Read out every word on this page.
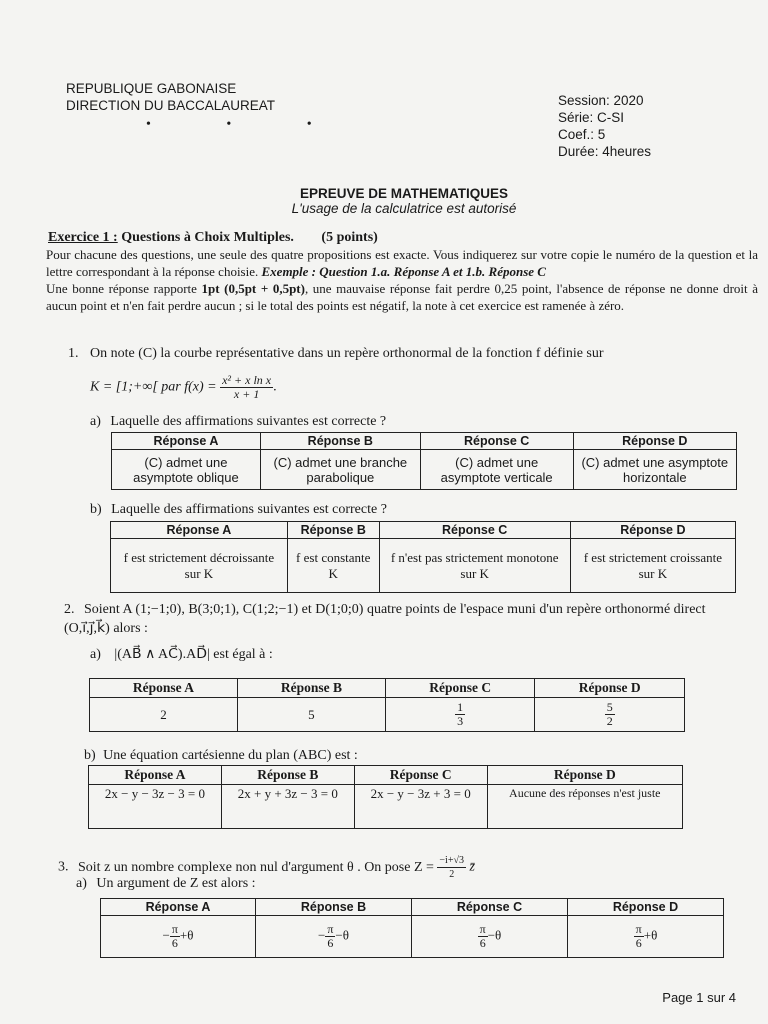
REPUBLIQUE GABONAISE
DIRECTION DU BACCALAUREAT
• • •
Session: 2020
Série: C-SI
Coef.: 5
Durée: 4heures
EPREUVE DE MATHEMATIQUES
L'usage de la calculatrice est autorisé
Exercice 1 : Questions à Choix Multiples. (5 points)
Pour chacune des questions, une seule des quatre propositions est exacte. Vous indiquerez sur votre copie le numéro de la question et la lettre correspondant à la réponse choisie. Exemple : Question 1.a. Réponse A et 1.b. Réponse C
Une bonne réponse rapporte 1pt (0,5pt + 0,5pt), une mauvaise réponse fait perdre 0,25 point, l'absence de réponse ne donne droit à aucun point et n'en fait perdre aucun ; si le total des points est négatif, la note à cet exercice est ramenée à zéro.
1. On note (C) la courbe représentative dans un repère orthonormal de la fonction f définie sur
K = [1;+∞[ par $f(x) = \frac{\text{x² + x ln x}}{x + 1}$ .
a) Laquelle des affirmations suivantes est correcte ?
Réponse A	Réponse B	Réponse C	Réponse D
(C) admet une asymptote oblique	(C) admet une branche parabolique	(C) admet une asymptote verticale	(C) admet une asymptote horizontale
b) Laquelle des affirmations suivantes est correcte ?
Réponse A	Réponse B	Réponse C	Réponse D
f est strictement décroissante sur K	f est constante K	f n'est pas strictement monotone sur K	f est strictement croissante sur K
2. Soient A (1;−1;0), B(3;0;1), C(1;2;−1) et D(1;0;0) quatre points de l'espace muni d'un repère orthonormé direct (O,i⃗,j⃗,k⃗) alors :
a) |(AB⃗ ∧ AC⃗).AD⃗| est égal à :
Réponse A	Réponse B	Réponse C	Réponse D
2	5	$\frac{1}{3}$	$\frac{5}{2}$
b) Une équation cartésienne du plan (ABC) est :
Réponse A	Réponse B	Réponse C	Réponse D
2x − y − 3z − 3 = 0	2x + y + 3z − 3 = 0	2x − y − 3z + 3 = 0	Aucune des réponses n'est juste
3. Soit z un nombre complexe non nul d'argument θ . On pose $Z = \frac{-i+√3}{2}$ z̄
a) Un argument de Z est alors :
Réponse A	Réponse B	Réponse C	Réponse D
− $\frac{\pi}{6} +\theta$	− $\frac{\pi}{6} -\theta$	$\frac{\pi}{6} -\theta$	$\frac{\pi}{6} +\theta$
Page 1 sur 4
